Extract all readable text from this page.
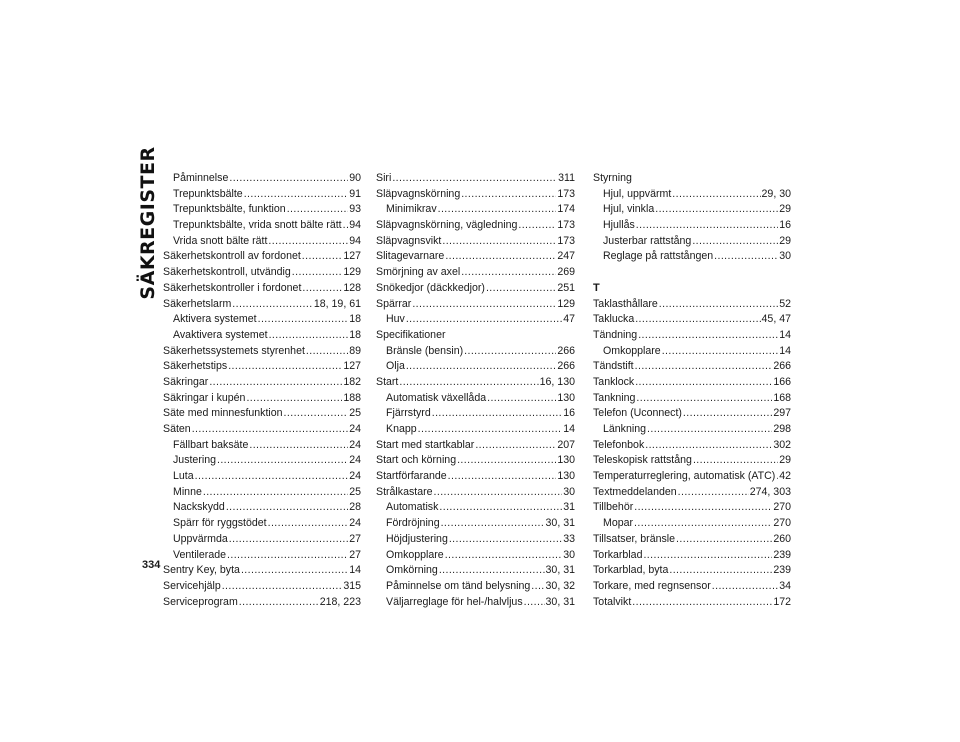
SÄKREGISTER Påminnelse .....	90
Trepunktsbälte .....	91
Trepunktsbälte, funktion .....	93
Trepunktsbälte, vrida snott bälte rätt ..... 94
Vrida snott bälte rätt .....	94
Säkerhetskontroll av fordonet .....	127
Säkerhetskontroll, utvändig .....	129
Säkerhetskontroller i fordonet .....	128
Säkerhetslarm .....	18, 19, 61
Aktivera systemet .....	18
Avaktivera systemet .....	18
Säkerhetssystemets styrenhet .....	89
Säkerhetstips .....	127
Säkringar .....	182
Säkringar i kupén .....	188
Säte med minnesfunktion .....	25
Säten .....	24
Fällbart baksäte .....	24
Justering .....	24
Luta .....	24
Minne .....	25
Nackskydd .....	28
Spärr för ryggstödet .....	24
Uppvärmda .....	27
Ventilerade .....	27
Sentry Key, byta .....	14
Servicehjälp .....	315
Serviceprogram .....	218, 223
Siri .....	311
Släpvagnskörning .....	173
Minimikrav .....	174
Släpvagnskörning, vägledning .....	173
Släpvagnsvikt .....	173
Slitagevarnare .....	247
Smörjning av axel .....	269
Snökedjor (däckkedjor) .....	251
Spärrar .....	129
Huv .....	47
Specifikationer
Bränsle (bensin) .....	266
Olja .....	266
Start .....	16, 130
Automatisk växellåda .....	130
Fjärrstyrd .....	16
Knapp .....	14
Start med startkablar .....	207
Start och körning .....	130
Startförfarande .....	130
Strålkastare .....	30
Automatisk .....	31
Fördröjning .....	30, 31
Höjdjustering .....	33
Omkopplare .....	30
Omkörning .....	30, 31
Påminnelse om tänd belysning ..... 30, 32
Väljarreglage för hel-/halvljus ..... 30, 31
Styrning
Hjul, uppvärmt .....	29, 30
Hjul, vinkla .....	29
Hjullås .....	16
Justerbar rattstång .....	29
Reglage på rattstången .....	30
T
Taklasthållare .....	52
Taklucka .....	45, 47
Tändning .....	14
Omkopplare .....	14
Tändstift .....	266
Tanklock .....	166
Tankning .....	168
Telefon (Uconnect) .....	297
Länkning .....	298
Telefonbok .....	302
Teleskopisk rattstång .....	29
Temperaturreglering, automatisk (ATC) ..... 42
Textmeddelanden .....	274, 303
Tillbehör .....	270
Mopar .....	270
Tillsatser, bränsle .....	260
Torkarblad .....	239
Torkarblad, byta .....	239
Torkare, med regnsensor .....	34
Totalvikt .....	172
334
